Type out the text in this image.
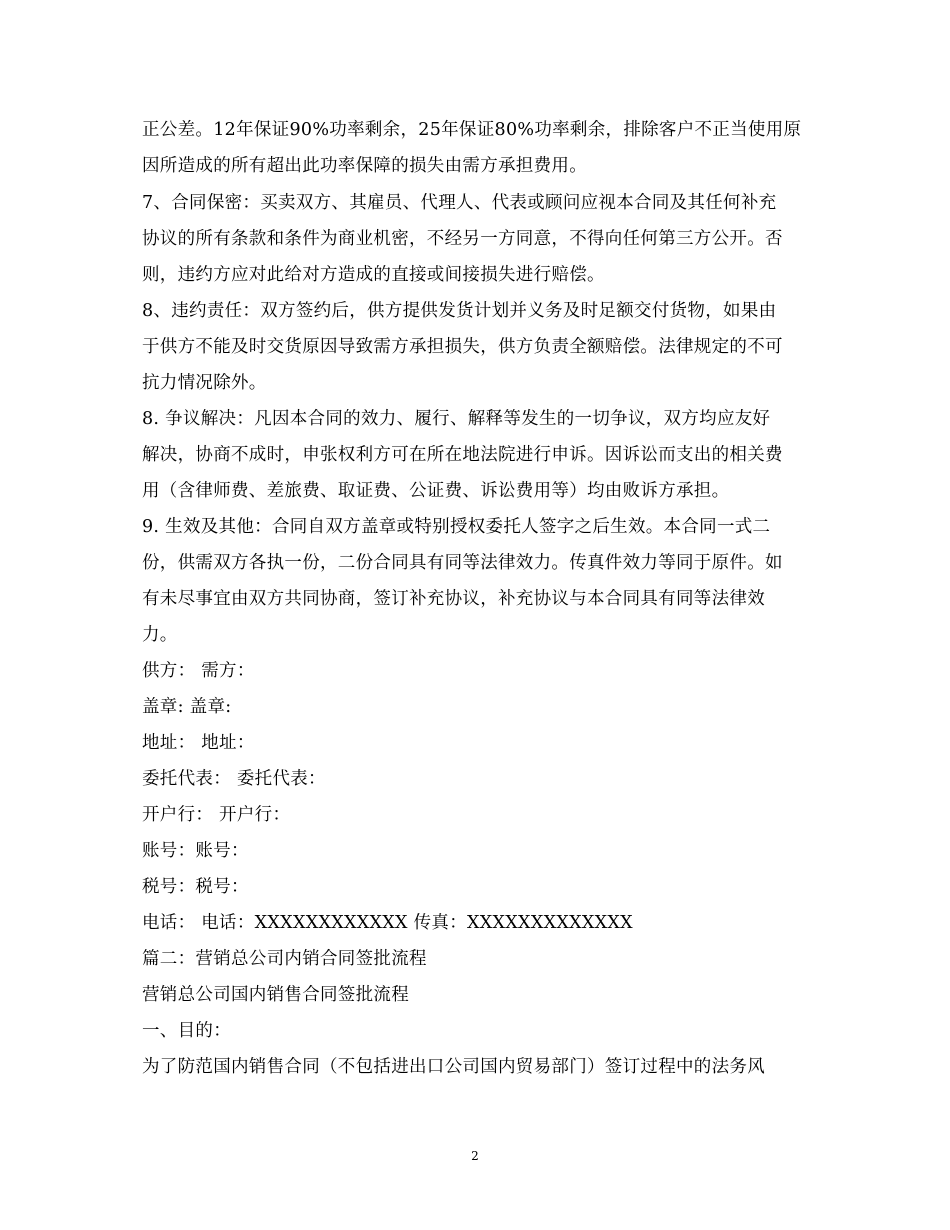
正公差。12年保证90%功率剩余，25年保证80%功率剩余，排除客户不正当使用原
因所造成的所有超出此功率保障的损失由需方承担费用。
7、合同保密：买卖双方、其雇员、代理人、代表或顾问应视本合同及其任何补充
协议的所有条款和条件为商业机密，不经另一方同意，不得向任何第三方公开。否
则，违约方应对此给对方造成的直接或间接损失进行赔偿。
8、违约责任：双方签约后，供方提供发货计划并义务及时足额交付货物，如果由
于供方不能及时交货原因导致需方承担损失，供方负责全额赔偿。法律规定的不可
抗力情况除外。
8. 争议解决：凡因本合同的效力、履行、解释等发生的一切争议，双方均应友好
解决，协商不成时，申张权利方可在所在地法院进行申诉。因诉讼而支出的相关费
用（含律师费、差旅费、取证费、公证费、诉讼费用等）均由败诉方承担。
9. 生效及其他：合同自双方盖章或特别授权委托人签字之后生效。本合同一式二
份，供需双方各执一份，二份合同具有同等法律效力。传真件效力等同于原件。如
有未尽事宜由双方共同协商，签订补充协议，补充协议与本合同具有同等法律效
力。
供方： 需方：
盖章: 盖章:
地址： 地址：
委托代表： 委托代表：
开户行： 开户行：
账号：账号：
税号：税号：
电话： 电话：XXXXXXXXXXXX 传真：XXXXXXXXXXXXX
篇二：营销总公司内销合同签批流程
营销总公司国内销售合同签批流程
一、目的：
为了防范国内销售合同（不包括进出口公司国内贸易部门）签订过程中的法务风
2
